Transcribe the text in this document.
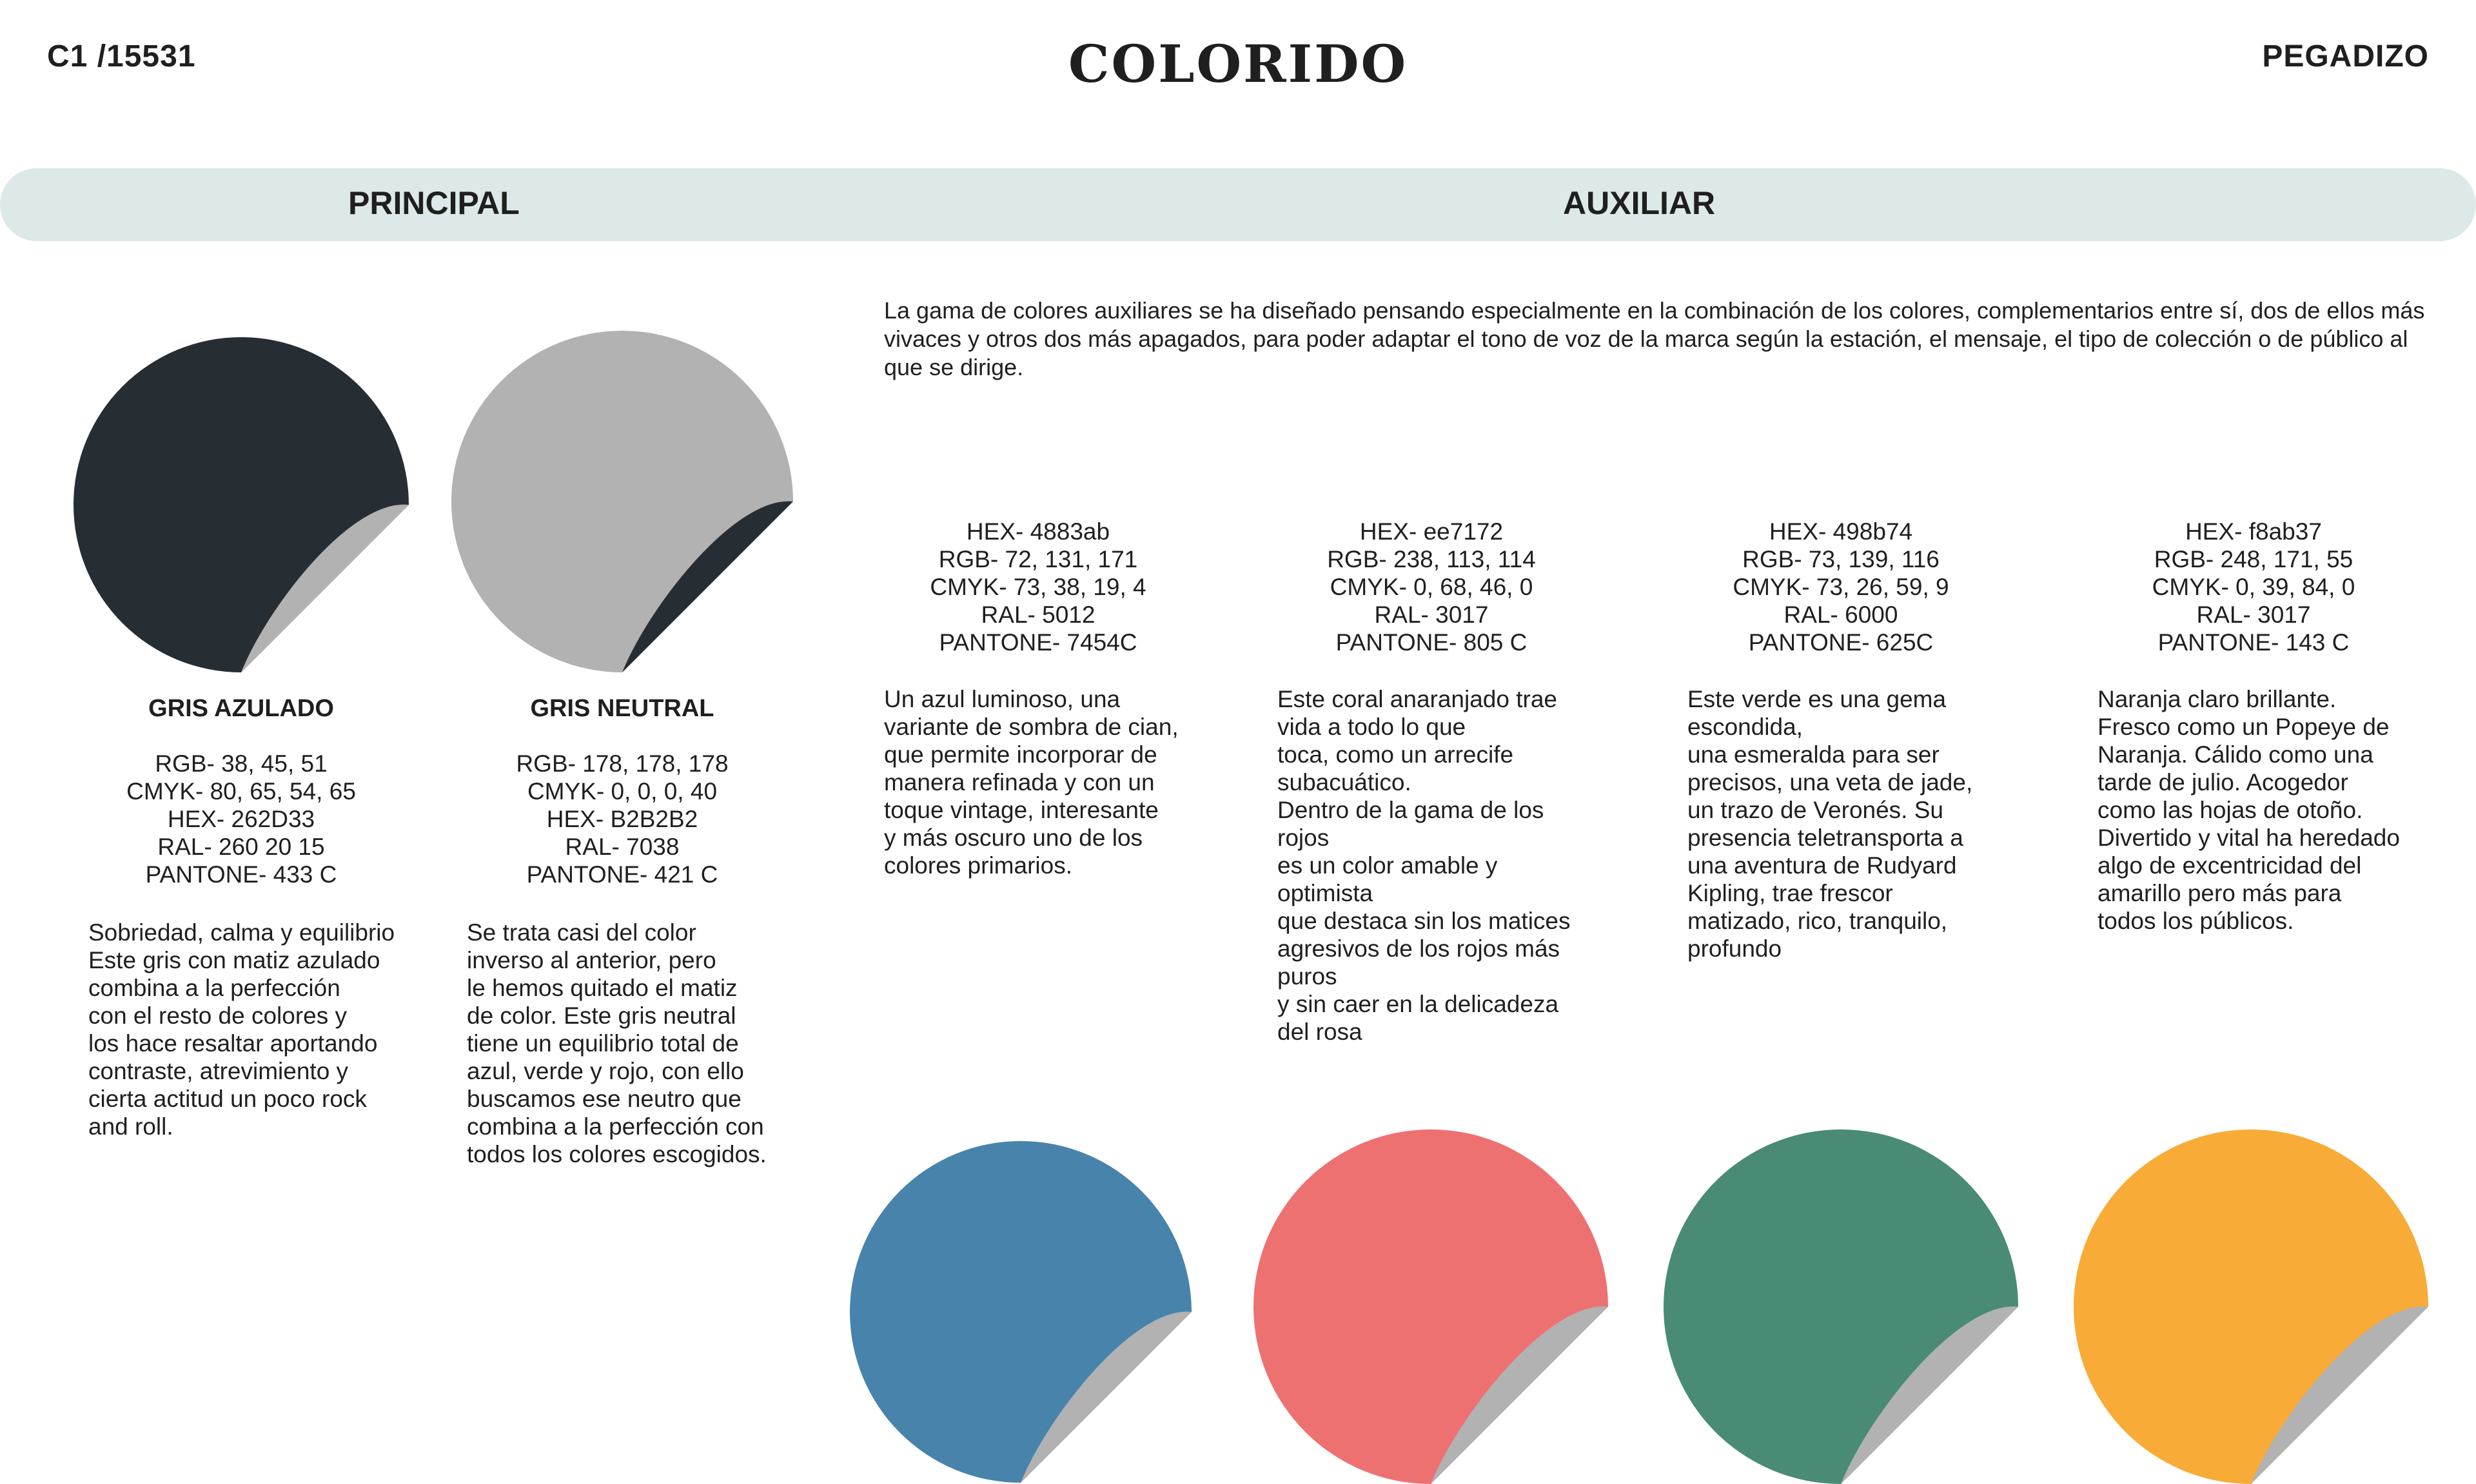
C1 /15531	COLORIDO	PEGADIZO
PRINCIPAL	AUXILIAR
La gama de colores auxiliares se ha diseñado pensando especialmente en la combinación de los colores, complementarios entre sí, dos de ellos más vivaces y otros dos más apagados, para poder adaptar el tono de voz de la marca según la estación, el mensaje, el tipo de colección o de público al que se dirige.
GRIS AZULADO
RGB- 38, 45, 51
CMYK- 80, 65, 54, 65
HEX- 262D33
RAL- 260 20 15
PANTONE- 433 C
Sobriedad, calma y equilibrio
Este gris con matiz azulado
combina a la perfección
con el resto de colores y
los hace resaltar aportando
contraste, atrevimiento y
cierta actitud un poco rock
and roll.
GRIS NEUTRAL
RGB- 178, 178, 178
CMYK- 0, 0, 0, 40
HEX- B2B2B2
RAL- 7038
PANTONE- 421 C
Se trata casi del color
inverso al anterior, pero
le hemos quitado el matiz
de color. Este gris neutral
tiene un equilibrio total de
azul, verde y rojo, con ello
buscamos ese neutro que
combina a la perfección con
todos los colores escogidos.
HEX- 4883ab
RGB- 72, 131, 171
CMYK- 73, 38, 19, 4
RAL- 5012
PANTONE- 7454C
Un azul luminoso, una
variante de sombra de cian,
que permite incorporar de
manera refinada y con un
toque vintage, interesante
y más oscuro uno de los
colores primarios.
HEX- ee7172
RGB- 238, 113, 114
CMYK- 0, 68, 46, 0
RAL- 3017
PANTONE- 805 C
Este coral anaranjado trae
vida a todo lo que
toca, como un arrecife
subacuático.
Dentro de la gama de los
rojos
es un color amable y
optimista
que destaca sin los matices
agresivos de los rojos más
puros
y sin caer en la delicadeza
del rosa
HEX- 498b74
RGB- 73, 139, 116
CMYK- 73, 26, 59, 9
RAL- 6000
PANTONE- 625C
Este verde es una gema
escondida,
una esmeralda para ser
precisos, una veta de jade,
un trazo de Veronés. Su
presencia teletransporta a
una aventura de Rudyard
Kipling, trae frescor
matizado, rico, tranquilo,
profundo
HEX- f8ab37
RGB- 248, 171, 55
CMYK- 0, 39, 84, 0
RAL- 3017
PANTONE- 143 C
Naranja claro brillante.
Fresco como un Popeye de
Naranja. Cálido como una
tarde de julio. Acogedor
como las hojas de otoño.
Divertido y vital ha heredado
algo de excentricidad del
amarillo pero más para
todos los públicos.
